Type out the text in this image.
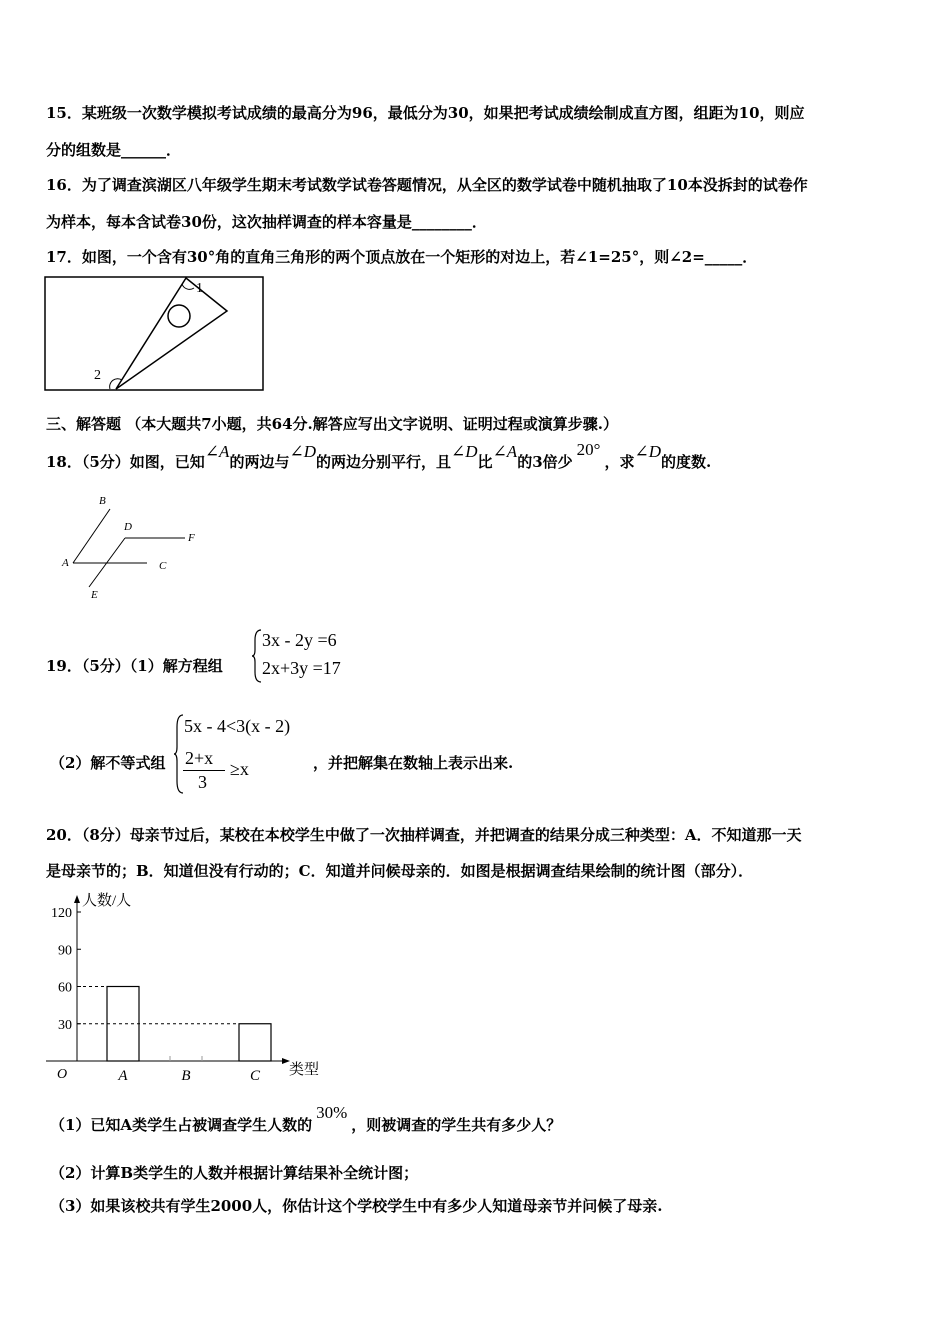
15．某班级一次数学模拟考试成绩的最高分为96，最低分为30，如果把考试成绩绘制成直方图，组距为10，则应
分的组数是______．
16．为了调查滨湖区八年级学生期末考试数学试卷答题情况，从全区的数学试卷中随机抽取了10本没拆封的试卷作
为样本，每本含试卷30份，这次抽样调查的样本容量是________．
17．如图，一个含有30°角的直角三角形的两个顶点放在一个矩形的对边上，若∠1=25°，则∠2=_____．
1
2
三、解答题 （本大题共7小题，共64分.解答应写出文字说明、证明过程或演算步骤.）
18．（5分）如图，已知∠A的两边与∠D的两边分别平行，且∠D比∠A的3倍少20°，求∠D的度数.
B
D
F
A	C
E
19．（5分）（1）解方程组
3x - 2y =6
2x+3y =17
（2）解不等式组
5x - 4<3(x - 2)
2+x
3
≥x	，并把解集在数轴上表示出来.
20．（8分）母亲节过后，某校在本校学生中做了一次抽样调查，并把调查的结果分成三种类型：A．不知道那一天
是母亲节的；B．知道但没有行动的；C．知道并问候母亲的．如图是根据调查结果绘制的统计图（部分）．
人数/人
类型
O
30
60
90
120
A	B	C
（1）已知A类学生占被调查学生人数的30%，则被调查的学生共有多少人？
（2）计算B类学生的人数并根据计算结果补全统计图；
（3）如果该校共有学生2000人，你估计这个学校学生中有多少人知道母亲节并问候了母亲.
